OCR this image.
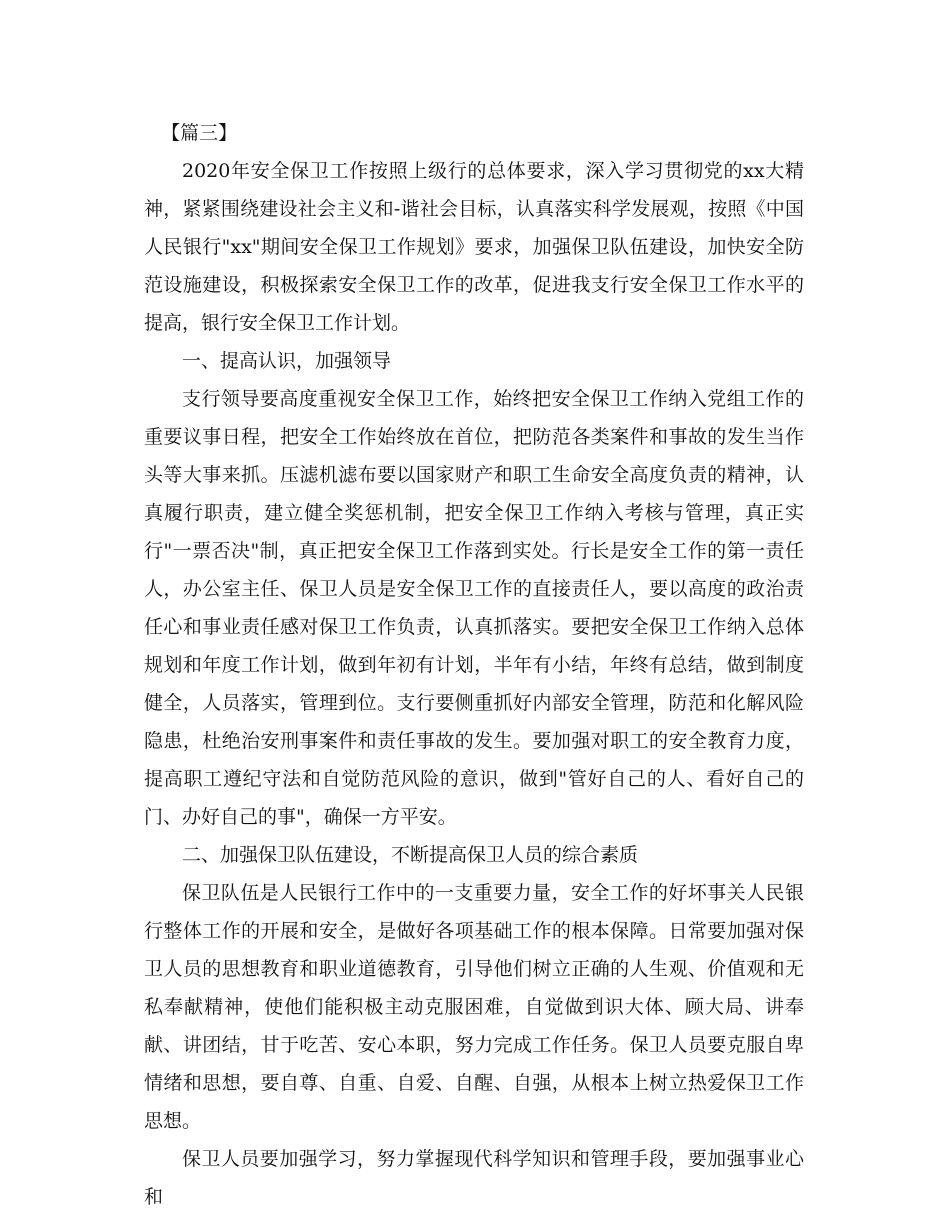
【篇三】

2020年安全保卫工作按照上级行的总体要求，深入学习贯彻党的xx大精神，紧紧围绕建设社会主义和-谐社会目标，认真落实科学发展观，按照《中国人民银行"xx"期间安全保卫工作规划》要求，加强保卫队伍建设，加快安全防范设施建设，积极探索安全保卫工作的改革，促进我支行安全保卫工作水平的提高，银行安全保卫工作计划。

一、提高认识，加强领导

支行领导要高度重视安全保卫工作，始终把安全保卫工作纳入党组工作的重要议事日程，把安全工作始终放在首位，把防范各类案件和事故的发生当作头等大事来抓。压滤机滤布要以国家财产和职工生命安全高度负责的精神，认真履行职责，建立健全奖惩机制，把安全保卫工作纳入考核与管理，真正实行"一票否决"制，真正把安全保卫工作落到实处。行长是安全工作的第一责任人，办公室主任、保卫人员是安全保卫工作的直接责任人，要以高度的政治责任心和事业责任感对保卫工作负责，认真抓落实。要把安全保卫工作纳入总体规划和年度工作计划，做到年初有计划，半年有小结，年终有总结，做到制度健全，人员落实，管理到位。支行要侧重抓好内部安全管理，防范和化解风险隐患，杜绝治安刑事案件和责任事故的发生。要加强对职工的安全教育力度，提高职工遵纪守法和自觉防范风险的意识，做到"管好自己的人、看好自己的门、办好自己的事"，确保一方平安。

二、加强保卫队伍建设，不断提高保卫人员的综合素质

保卫队伍是人民银行工作中的一支重要力量，安全工作的好坏事关人民银行整体工作的开展和安全，是做好各项基础工作的根本保障。日常要加强对保卫人员的思想教育和职业道德教育，引导他们树立正确的人生观、价值观和无私奉献精神，使他们能积极主动克服困难，自觉做到识大体、顾大局、讲奉献、讲团结，甘于吃苦、安心本职，努力完成工作任务。保卫人员要克服自卑情绪和思想，要自尊、自重、自爱、自醒、自强，从根本上树立热爱保卫工作思想。

保卫人员要加强学习，努力掌握现代科学知识和管理手段，要加强事业心和
